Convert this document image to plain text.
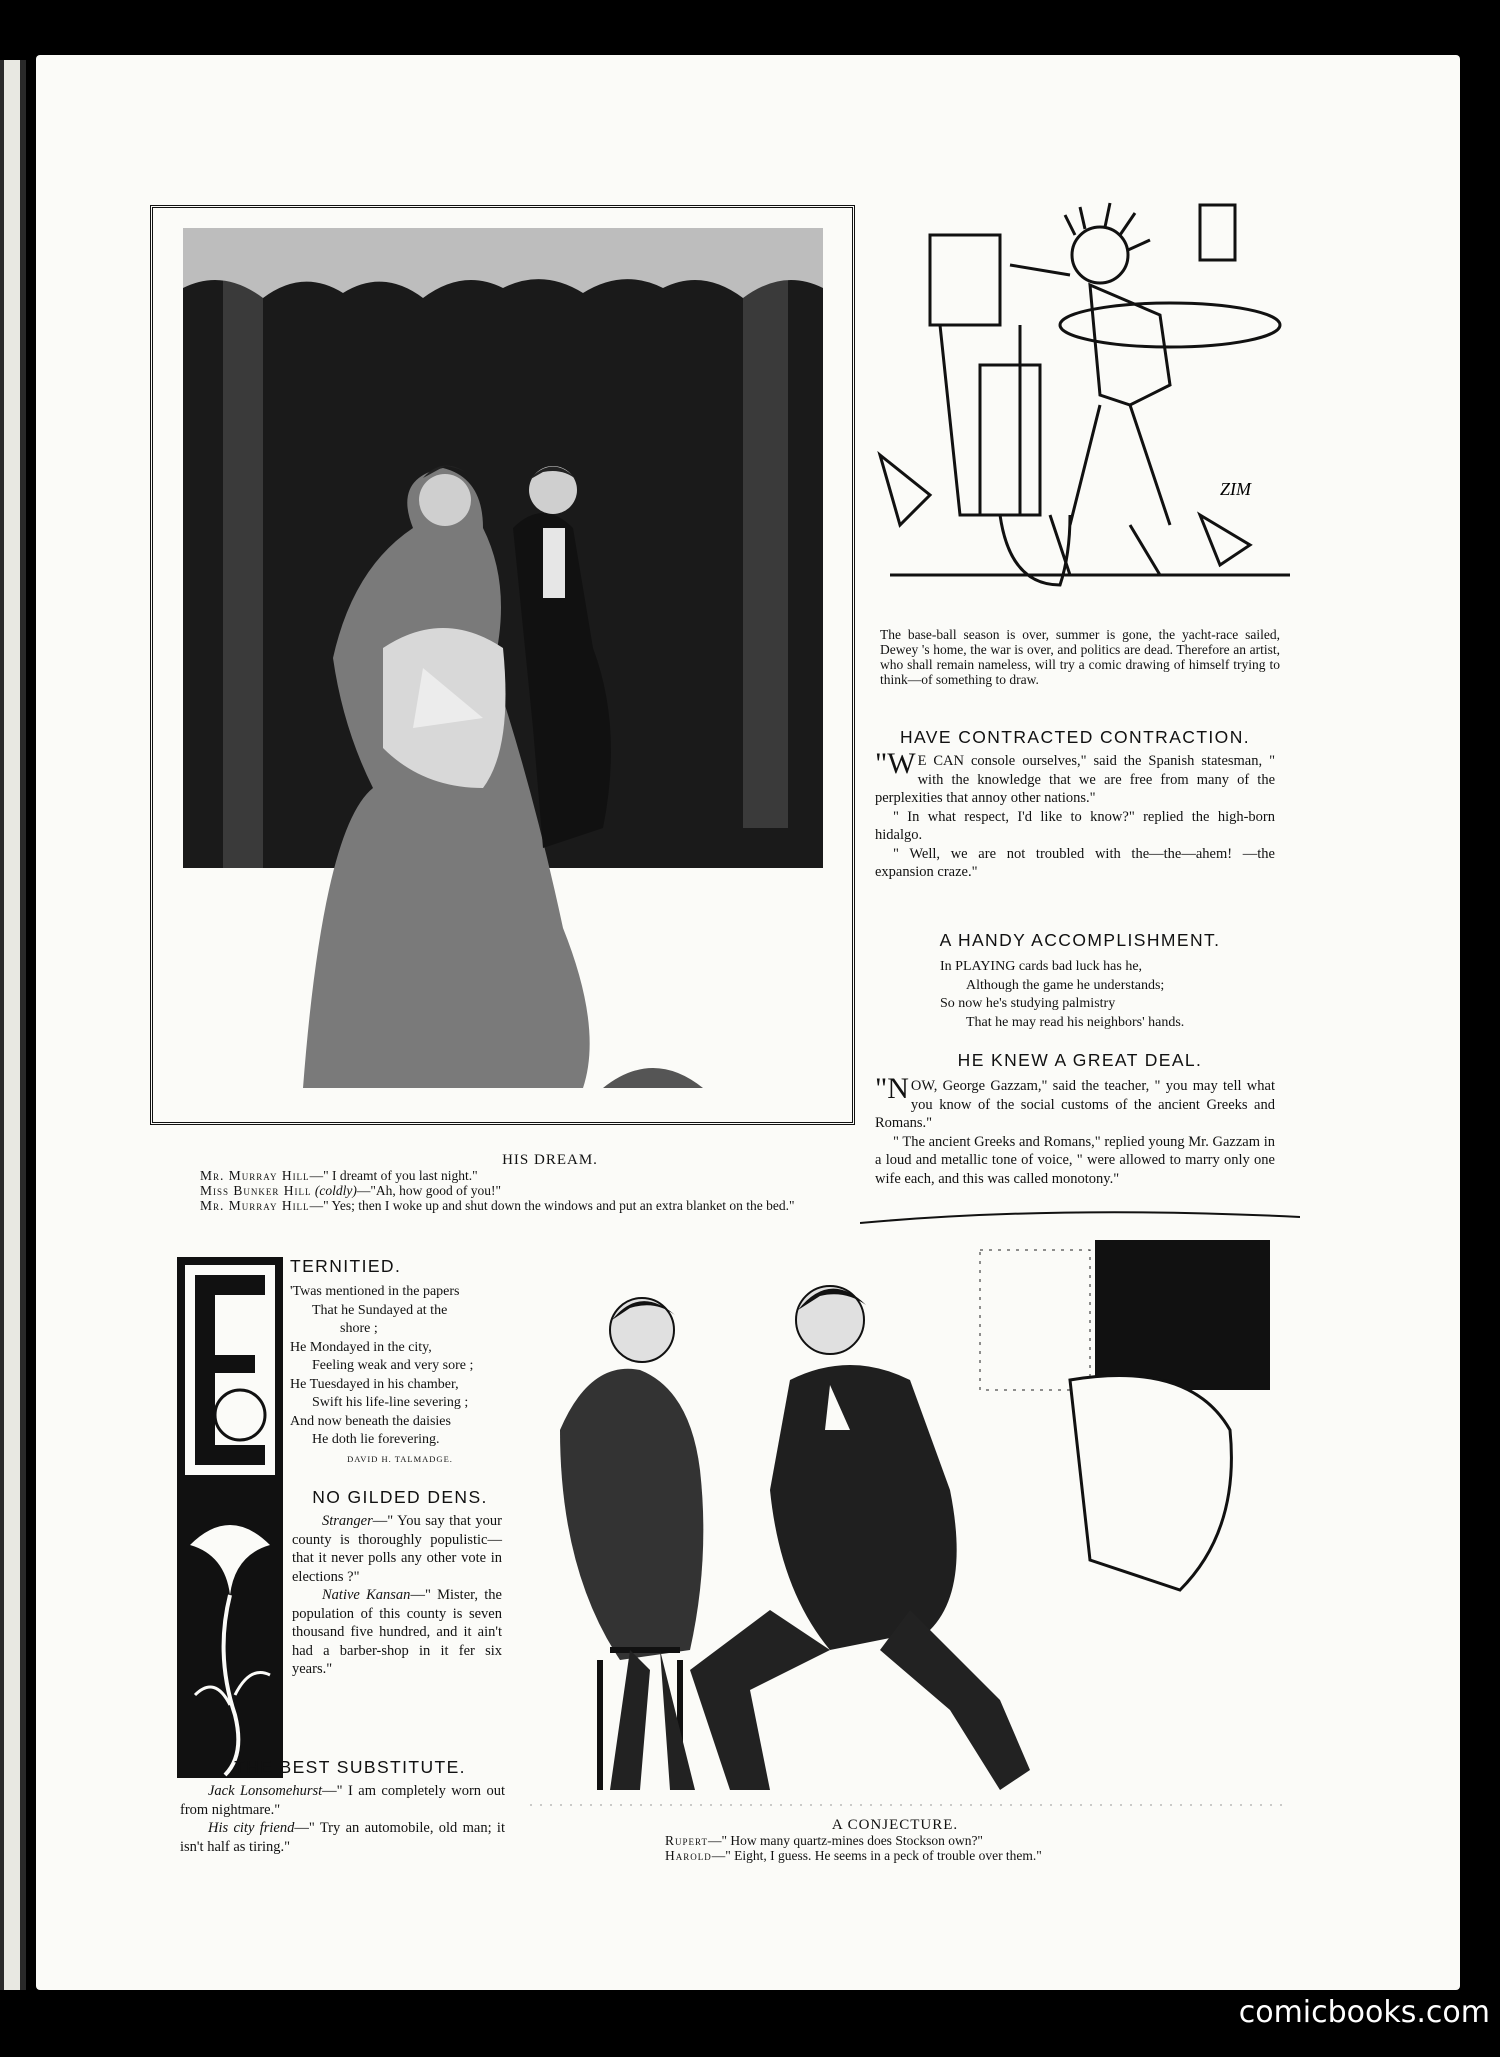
HIS DREAM.
Mr. Murray Hill—" I dreamt of you last night."
Miss Bunker Hill (coldly)—"Ah, how good of you!"
Mr. Murray Hill—" Yes; then I woke up and shut down the windows and put an extra blanket on the bed."
ZIM
The base-ball season is over, summer is gone, the yacht-race sailed, Dewey 's home, the war is over, and politics are dead. Therefore an artist, who shall remain nameless, will try a comic drawing of himself trying to think—of something to draw.
HAVE CONTRACTED CONTRACTION.
"W E CAN console ourselves," said the Spanish statesman, " with the knowledge that we are free from many of the perplexities that annoy other nations."
" In what respect, I'd like to know?" replied the high-born hidalgo.
" Well, we are not troubled with the—the—ahem! —the expansion craze."
A HANDY ACCOMPLISHMENT.
In PLAYING cards bad luck has he,
Although the game he understands;
So now he's studying palmistry
That he may read his neighbors' hands.
HE KNEW A GREAT DEAL.
"NOW, George Gazzam," said the teacher, " you may tell what you know of the social customs of the ancient Greeks and Romans."
" The ancient Greeks and Romans," replied young Mr. Gazzam in a loud and metallic tone of voice, " were allowed to marry only one wife each, and this was called monotony."
TERNITIED.
'Twas mentioned in the papers
That he Sundayed at the
shore ;
He Mondayed in the city,
Feeling weak and very sore ;
He Tuesdayed in his chamber,
Swift his life-line severing ;
And now beneath the daisies
He doth lie forevering.
DAVID H. TALMADGE.
NO GILDED DENS.
Stranger—" You say that your county is thoroughly populistic—that it never polls any other vote in elections ?"
Native Kansan—" Mister, the population of this county is seven thousand five hundred, and it ain't had a barber-shop in it fer six years."
THE BEST SUBSTITUTE.
Jack Lonsomehurst—" I am completely worn out from nightmare."
His city friend—" Try an automobile, old man; it isn't half as tiring."
A CONJECTURE.
Rupert—" How many quartz-mines does Stockson own?"
Harold—" Eight, I guess. He seems in a peck of trouble over them."
comicbooks.com
